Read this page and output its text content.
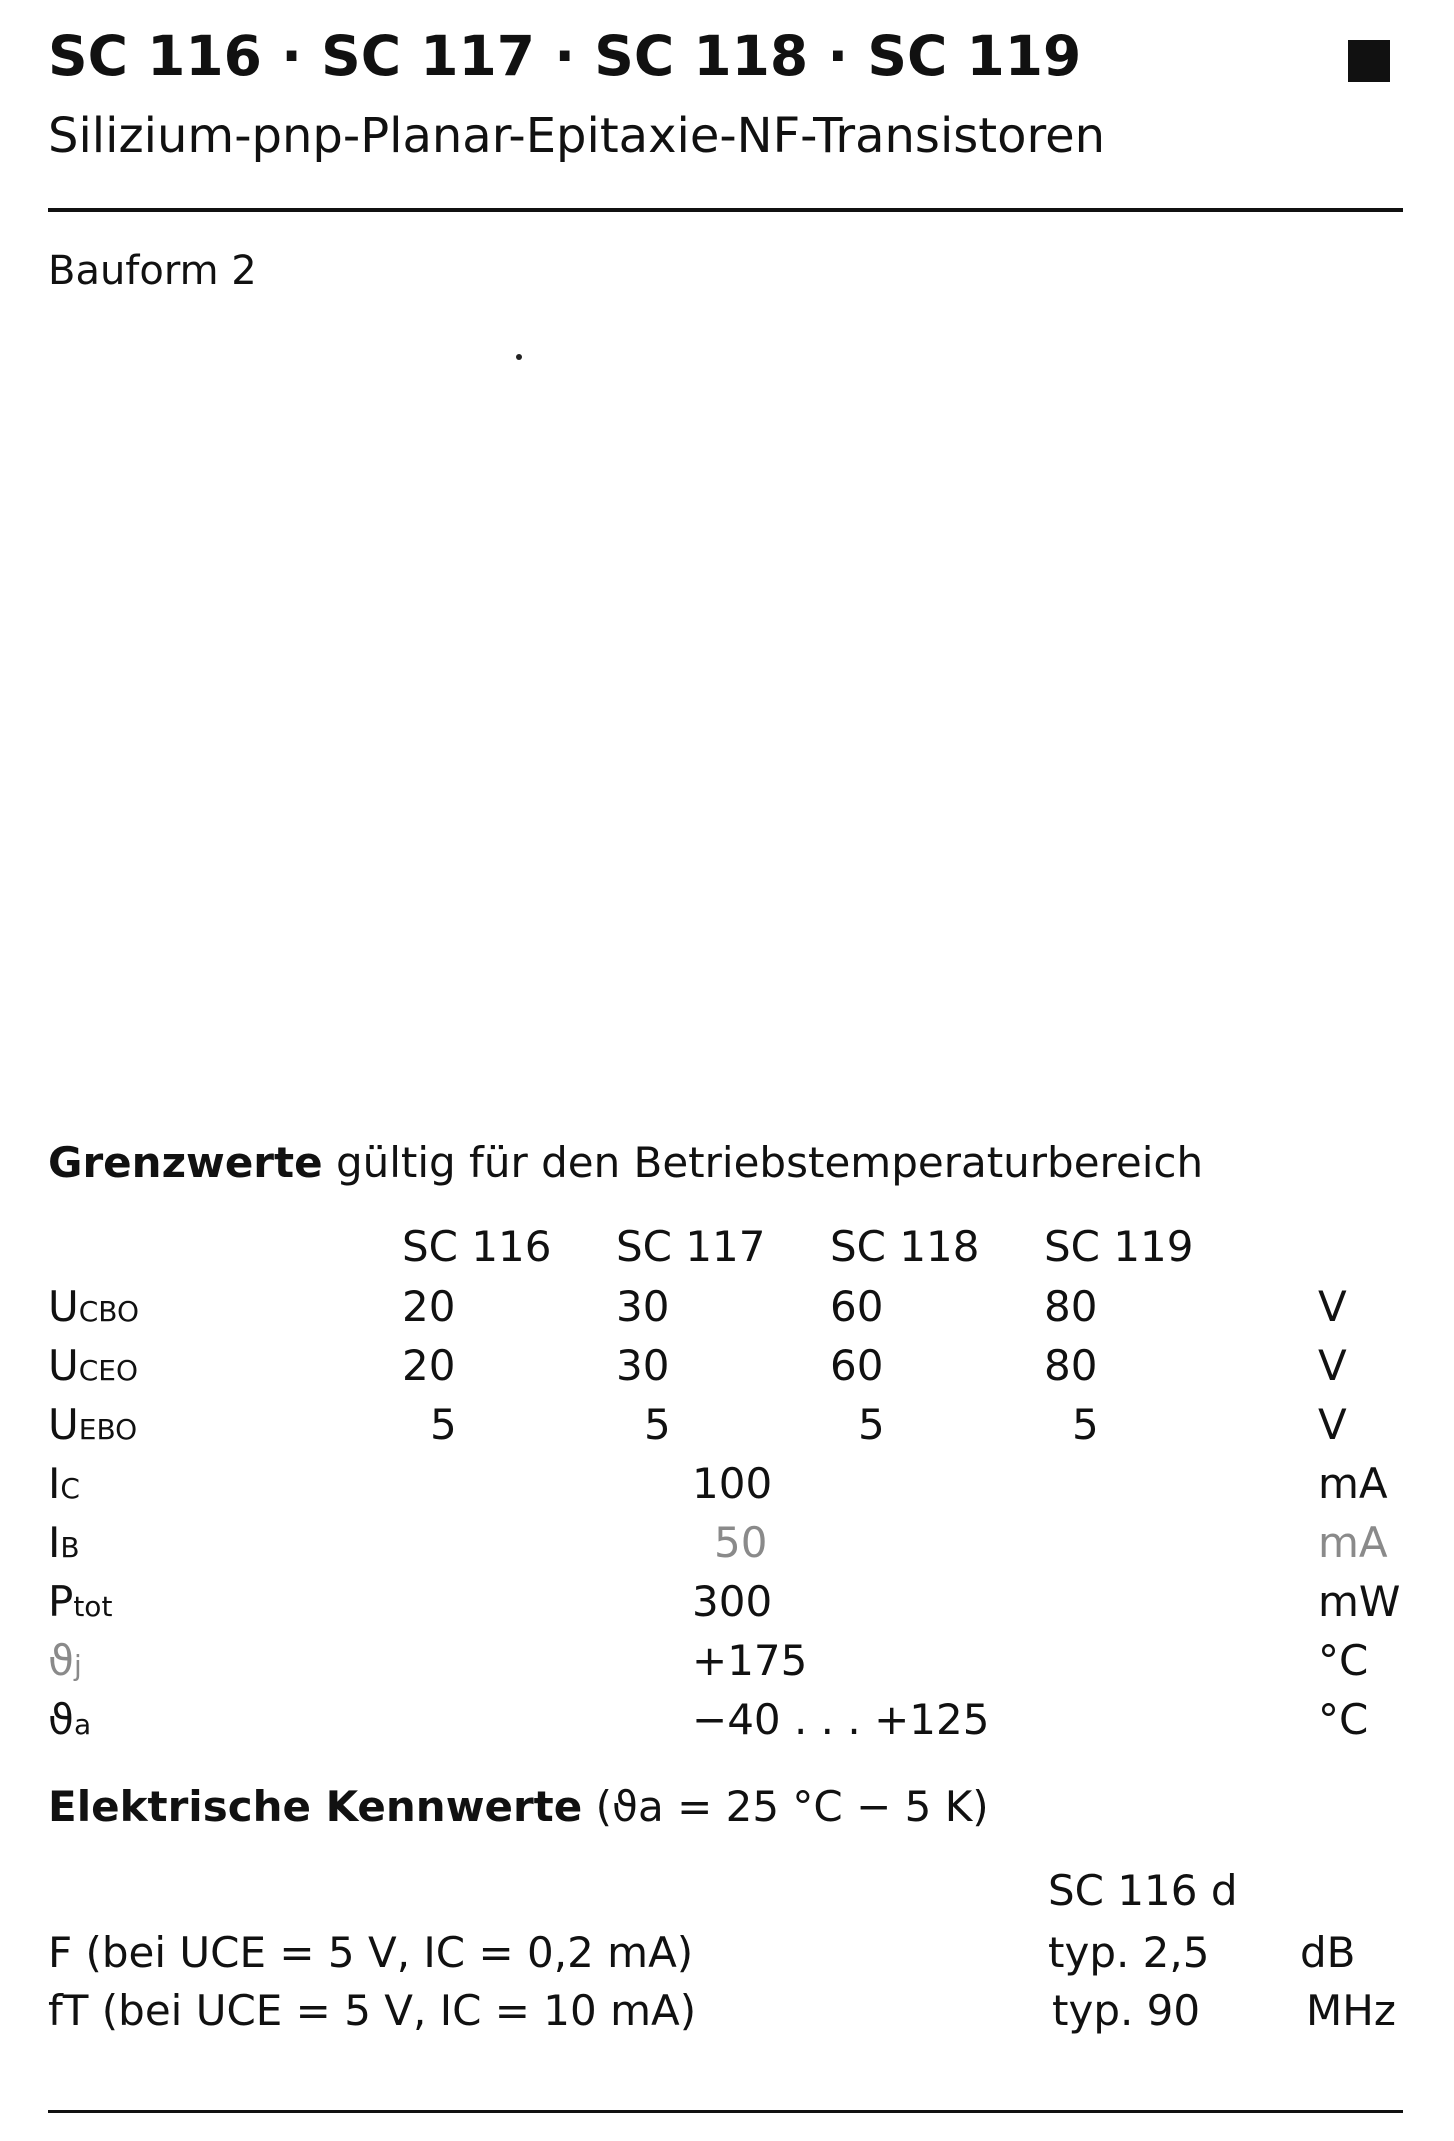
SC 116 · SC 117 · SC 118 · SC 119
Silizium-pnp-Planar-Epitaxie-NF-Transistoren
Bauform 2
Grenzwerte gültig für den Betriebstemperaturbereich
SC 116 SC 117 SC 118 SC 119
UCBO	20	30	60	80	V
UCEO	20	30	60	80	V
UEBO	5	5	5	5	V
IC	100	mA
IB	50	mA
Ptot	300	mW
ϑj	+175	°C
ϑa	−40 . . . +125	°C
Elektrische Kennwerte (ϑa = 25 °C − 5 K)
SC 116 d
F (bei UCE = 5 V, IC = 0,2 mA)	typ. 2,5 dB
fT (bei UCE = 5 V, IC = 10 mA)	typ. 90	MHz
